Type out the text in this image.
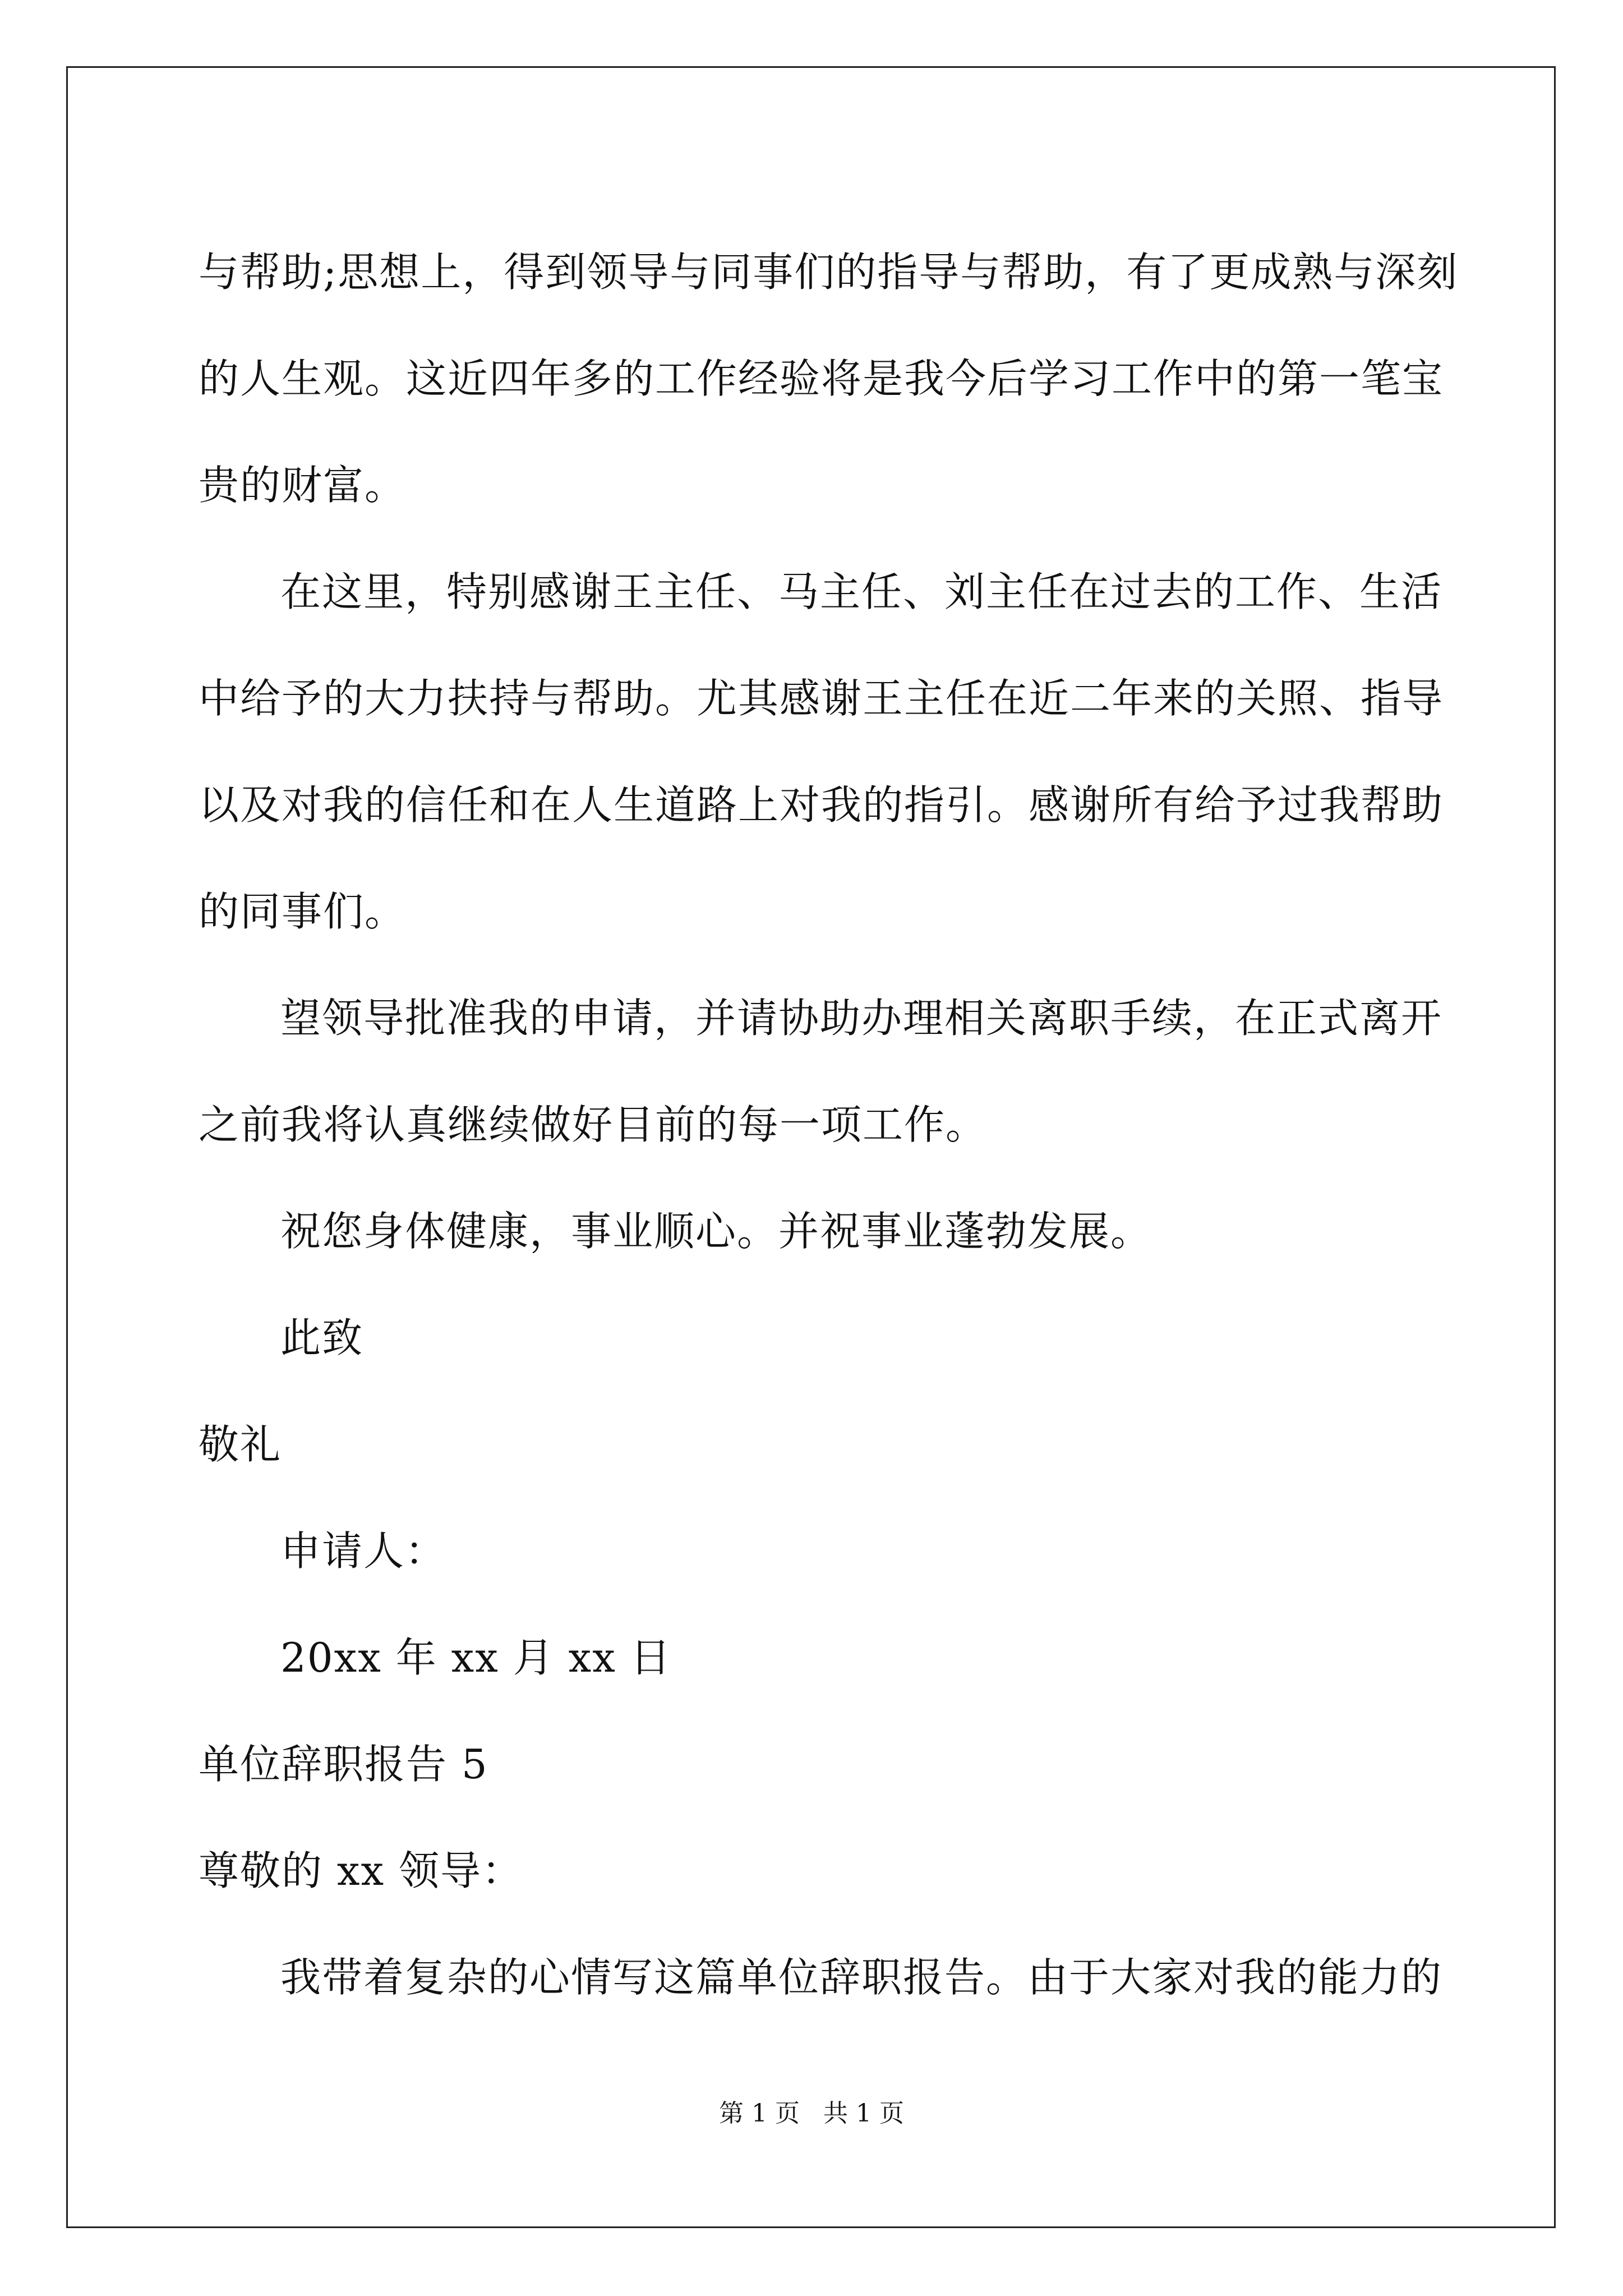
与帮助;思想上，得到领导与同事们的指导与帮助，有了更成熟与深刻
的人生观。这近四年多的工作经验将是我今后学习工作中的第一笔宝
贵的财富。
在这里，特别感谢王主任、马主任、刘主任在过去的工作、生活
中给予的大力扶持与帮助。尤其感谢王主任在近二年来的关照、指导
以及对我的信任和在人生道路上对我的指引。感谢所有给予过我帮助
的同事们。
望领导批准我的申请，并请协助办理相关离职手续，在正式离开
之前我将认真继续做好目前的每一项工作。
祝您身体健康，事业顺心。并祝事业蓬勃发展。
此致
敬礼
申请人：
20xx 年 xx 月 xx 日
单位辞职报告 5
尊敬的 xx 领导：
我带着复杂的心情写这篇单位辞职报告。由于大家对我的能力的
第 1 页 共 1 页
